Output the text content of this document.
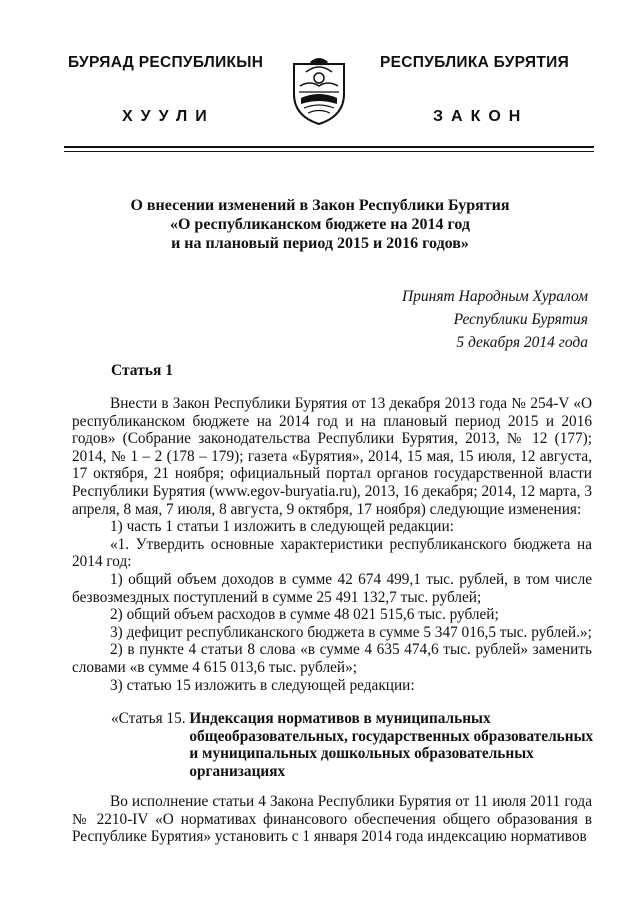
БУРЯАД РЕСПУБЛИКЫН
ХУУЛИ
РЕСПУБЛИКА БУРЯТИЯ
ЗАКОН
О внесении изменений в Закон Республики Бурятия
«О республиканском бюджете на 2014 год
и на плановый период 2015 и 2016 годов»
Принят Народным Хуралом
Республики Бурятия
5 декабря 2014 года
Статья 1

Внести в Закон Республики Бурятия от 13 декабря 2013 года № 254-V «О республиканском бюджете на 2014 год и на плановый период 2015 и 2016 годов» (Собрание законодательства Республики Бурятия, 2013, № 12 (177); 2014, № 1 – 2 (178 – 179); газета «Бурятия», 2014, 15 мая, 15 июля, 12 августа, 17 октября, 21 ноября; официальный портал органов государственной власти Республики Бурятия (www.egov-buryatia.ru), 2013, 16 декабря; 2014, 12 марта, 3 апреля, 8 мая, 7 июля, 8 августа, 9 октября, 17 ноября) следующие изменения:

1) часть 1 статьи 1 изложить в следующей редакции:

«1. Утвердить основные характеристики республиканского бюджета на 2014 год:

1) общий объем доходов в сумме 42 674 499,1 тыс. рублей, в том числе безвозмездных поступлений в сумме 25 491 132,7 тыс. рублей;

2) общий объем расходов в сумме 48 021 515,6 тыс. рублей;

3) дефицит республиканского бюджета в сумме 5 347 016,5 тыс. рублей.»;

2) в пункте 4 статьи 8 слова «в сумме 4 635 474,6 тыс. рублей» заменить словами «в сумме 4 615 013,6 тыс. рублей»;

3) статью 15 изложить в следующей редакции:

«Статья 15. Индексация нормативов в муниципальных общеобразовательных, государственных образовательных и муниципальных дошкольных образовательных организациях

Во исполнение статьи 4 Закона Республики Бурятия от 11 июля 2011 года № 2210-IV «О нормативах финансового обеспечения общего образования в Республике Бурятия» установить с 1 января 2014 года индексацию нормативов
